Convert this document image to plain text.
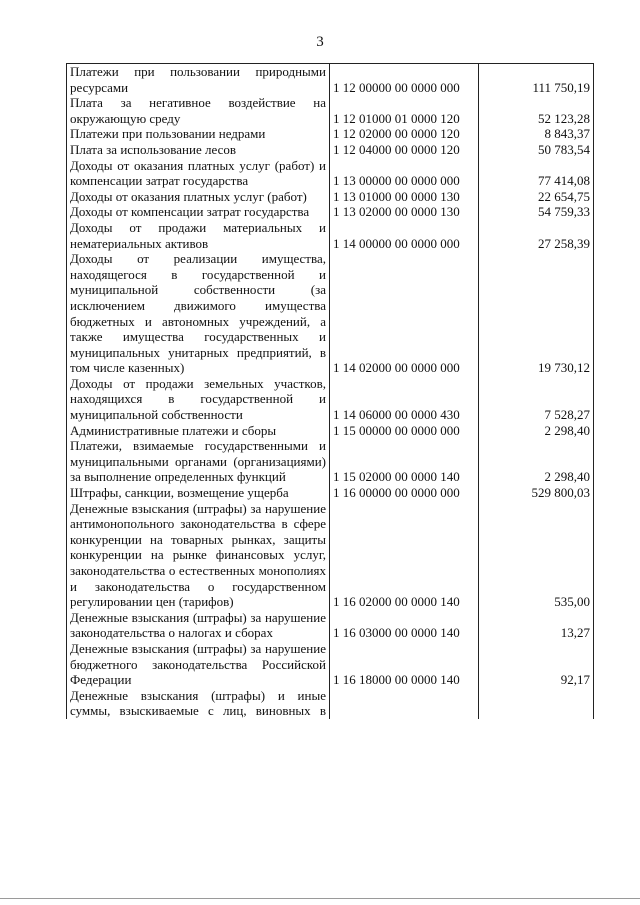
3
Платежи при пользовании природными ресурсами	1 12 00000 00 0000 000	111 750,19
Плата за негативное воздействие на окружающую среду	1 12 01000 01 0000 120	52 123,28
Платежи при пользовании недрами	1 12 02000 00 0000 120	8 843,37
Плата за использование лесов	1 12 04000 00 0000 120	50 783,54
Доходы от оказания платных услуг (работ) и компенсации затрат государства	1 13 00000 00 0000 000	77 414,08
Доходы от оказания платных услуг (работ)	1 13 01000 00 0000 130	22 654,75
Доходы от компенсации затрат государства	1 13 02000 00 0000 130	54 759,33
Доходы от продажи материальных и нематериальных активов	1 14 00000 00 0000 000	27 258,39
Доходы от реализации имущества, находящегося в государственной и муниципальной собственности (за исключением движимого имущества бюджетных и автономных учреждений, а также имущества государственных и муниципальных унитарных предприятий, в том числе казенных)	1 14 02000 00 0000 000	19 730,12
Доходы от продажи земельных участков, находящихся в государственной и муниципальной собственности	1 14 06000 00 0000 430	7 528,27
Административные платежи и сборы	1 15 00000 00 0000 000	2 298,40
Платежи, взимаемые государственными и муниципальными органами (организациями) за выполнение определенных функций	1 15 02000 00 0000 140	2 298,40
Штрафы, санкции, возмещение ущерба	1 16 00000 00 0000 000	529 800,03
Денежные взыскания (штрафы) за нарушение антимонопольного законодательства в сфере конкуренции на товарных рынках, защиты конкуренции на рынке финансовых услуг, законодательства о естественных монополиях и законодательства о государственном регулировании цен (тарифов)	1 16 02000 00 0000 140	535,00
Денежные взыскания (штрафы) за нарушение законодательства о налогах и сборах	1 16 03000 00 0000 140	13,27
Денежные взыскания (штрафы) за нарушение бюджетного законодательства Российской Федерации	1 16 18000 00 0000 140	92,17
Денежные взыскания (штрафы) и иные суммы, взыскиваемые с лиц, виновных в		
